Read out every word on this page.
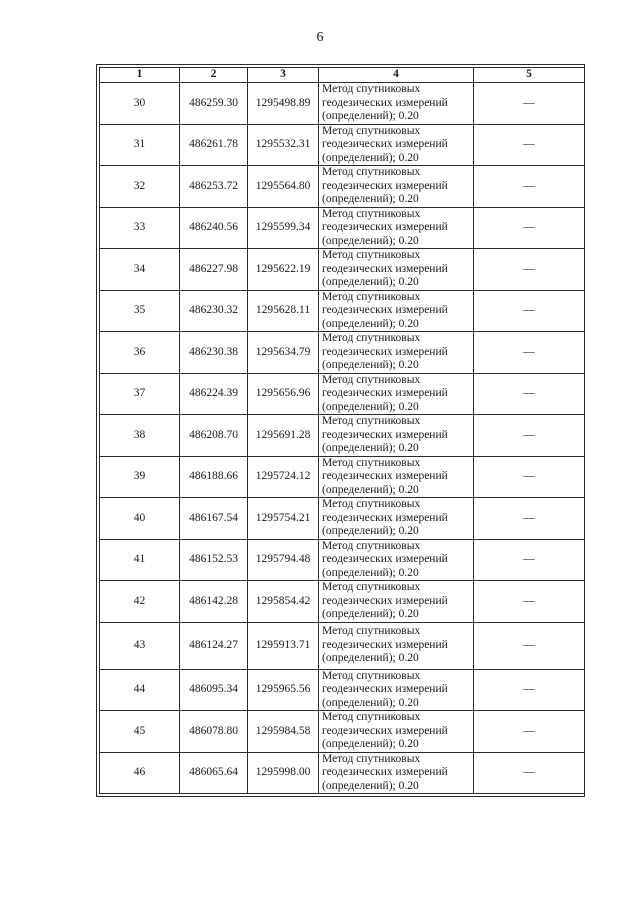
6
1	2	3	4	5
30	486259.30	1295498.89	Метод спутниковых
геодезических измерений
(определений); 0.20	—
31	486261.78	1295532.31	Метод спутниковых
геодезических измерений
(определений); 0.20	—
32	486253.72	1295564.80	Метод спутниковых
геодезических измерений
(определений); 0.20	—
33	486240.56	1295599.34	Метод спутниковых
геодезических измерений
(определений); 0.20	—
34	486227.98	1295622.19	Метод спутниковых
геодезических измерений
(определений); 0.20	—
35	486230.32	1295628.11	Метод спутниковых
геодезических измерений
(определений); 0.20	—
36	486230.38	1295634.79	Метод спутниковых
геодезических измерений
(определений); 0.20	—
37	486224.39	1295656.96	Метод спутниковых
геодезических измерений
(определений); 0.20	—
38	486208.70	1295691.28	Метод спутниковых
геодезических измерений
(определений); 0.20	—
39	486188.66	1295724.12	Метод спутниковых
геодезических измерений
(определений); 0.20	—
40	486167.54	1295754.21	Метод спутниковых
геодезических измерений
(определений); 0.20	—
41	486152.53	1295794.48	Метод спутниковых
геодезических измерений
(определений); 0.20	—
42	486142.28	1295854.42	Метод спутниковых
геодезических измерений
(определений); 0.20	—
43	486124.27	1295913.71	Метод спутниковых
геодезических измерений
(определений); 0.20	—
44	486095.34	1295965.56	Метод спутниковых
геодезических измерений
(определений); 0.20	—
45	486078.80	1295984.58	Метод спутниковых
геодезических измерений
(определений); 0.20	—
46	486065.64	1295998.00	Метод спутниковых
геодезических измерений
(определений); 0.20	—
